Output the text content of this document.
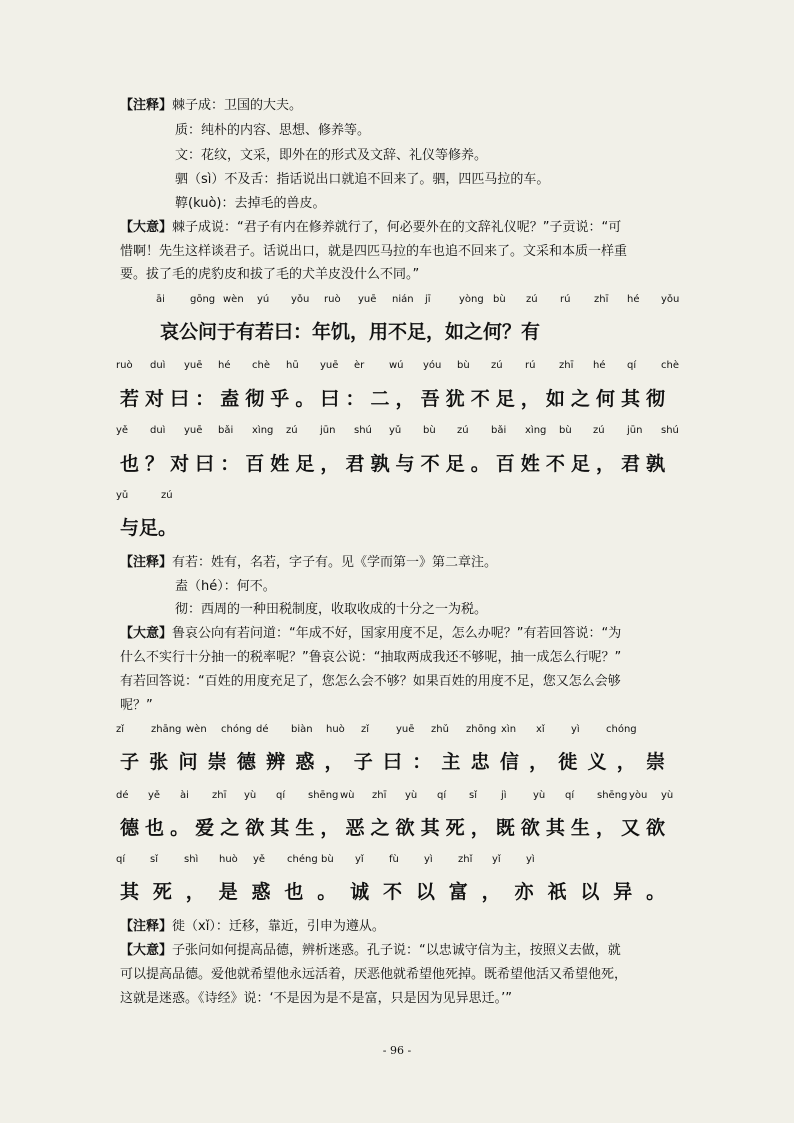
【注释】棘子成：卫国的大夫。
质：纯朴的内容、思想、修养等。
文：花纹，文采，即外在的形式及文辞、礼仪等修养。
驷（sì）不及舌：指话说出口就追不回来了。驷，四匹马拉的车。
鞟(kuò)：去掉毛的兽皮。
【大意】棘子成说：“君子有内在修养就行了，何必要外在的文辞礼仪呢？”子贡说：“可
惜啊！先生这样谈君子。话说出口，就是四匹马拉的车也追不回来了。文采和本质一样重
要。拔了毛的虎豹皮和拔了毛的犬羊皮没什么不同。”
āi	gōng wèn yú yǒu ruò yuē nián jī	yòng bù zú rú zhī hé yǒu
哀公问于有若曰：年饥，用不足，如之何？有
ruò duì yuē hé chè hū yuē èr wú yóu bù zú rú zhī hé qí chè
若对曰：盍彻乎。曰：二，吾犹不足，如之何其彻
yě duì yuē bǎi xìng zú jūn shú yǔ bù zú bǎi xìng bù zú jūn shú
也？对曰：百姓足，君孰与不足。百姓不足，君孰
yǔ	zú
与足。
【注释】有若：姓有，名若，字子有。见《学而第一》第二章注。
盍（hé）：何不。
彻：西周的一种田税制度，收取收成的十分之一为税。
【大意】鲁哀公向有若问道：“年成不好，国家用度不足，怎么办呢？”有若回答说：“为
什么不实行十分抽一的税率呢？”鲁哀公说：“抽取两成我还不够呢，抽一成怎么行呢？”
有若回答说：“百姓的用度充足了，您怎么会不够？如果百姓的用度不足，您又怎么会够
呢？”
zǐ	zhāng wèn chóng dé biàn huò zǐ	yuē zhǔ zhōng xìn xǐ	yì	chóng
子张问崇德辨惑，子曰：主忠信，徙义，崇
dé yě ài zhī yù qí shēng wù zhī yù qí sǐ jì	yù qí shēng yòu yù
德也。爱之欲其生，恶之欲其死，既欲其生，又欲
qí sǐ	shì huò yě chéng bù yǐ	fù	yì	zhǐ yǐ	yì
其死，是惑也。诚不以富，亦祇以异。
【注释】徙（xǐ）：迁移，靠近，引申为遵从。
【大意】子张问如何提高品德，辨析迷惑。孔子说：“以忠诚守信为主，按照义去做，就
可以提高品德。爱他就希望他永远活着，厌恶他就希望他死掉。既希望他活又希望他死，
这就是迷惑。《诗经》说：‘不是因为是不是富，只是因为见异思迁。’”
- 96 -
